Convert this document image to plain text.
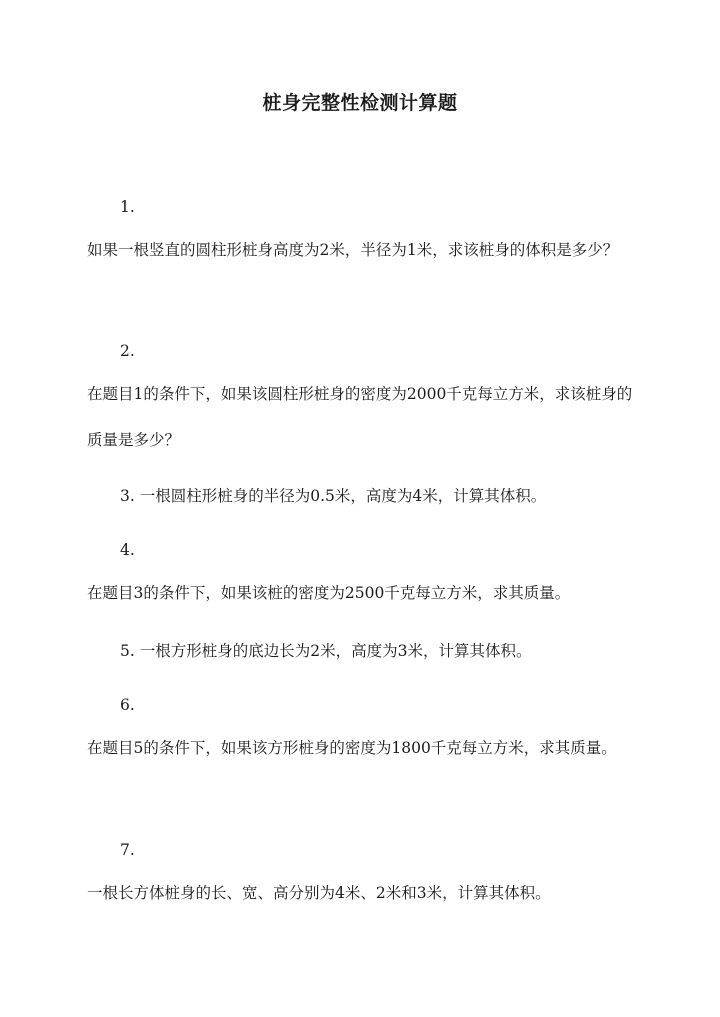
桩身完整性检测计算题
1.

如果一根竖直的圆柱形桩身高度为2米，半径为1米，求该桩身的体积是多少？

2.

在题目1的条件下，如果该圆柱形桩身的密度为2000千克每立方米，求该桩身的质量是多少？

3. 一根圆柱形桩身的半径为0.5米，高度为4米，计算其体积。
4.

在题目3的条件下，如果该桩的密度为2500千克每立方米，求其质量。

5. 一根方形桩身的底边长为2米，高度为3米，计算其体积。
6.

在题目5的条件下，如果该方形桩身的密度为1800千克每立方米，求其质量。

7.

一根长方体桩身的长、宽、高分别为4米、2米和3米，计算其体积。
